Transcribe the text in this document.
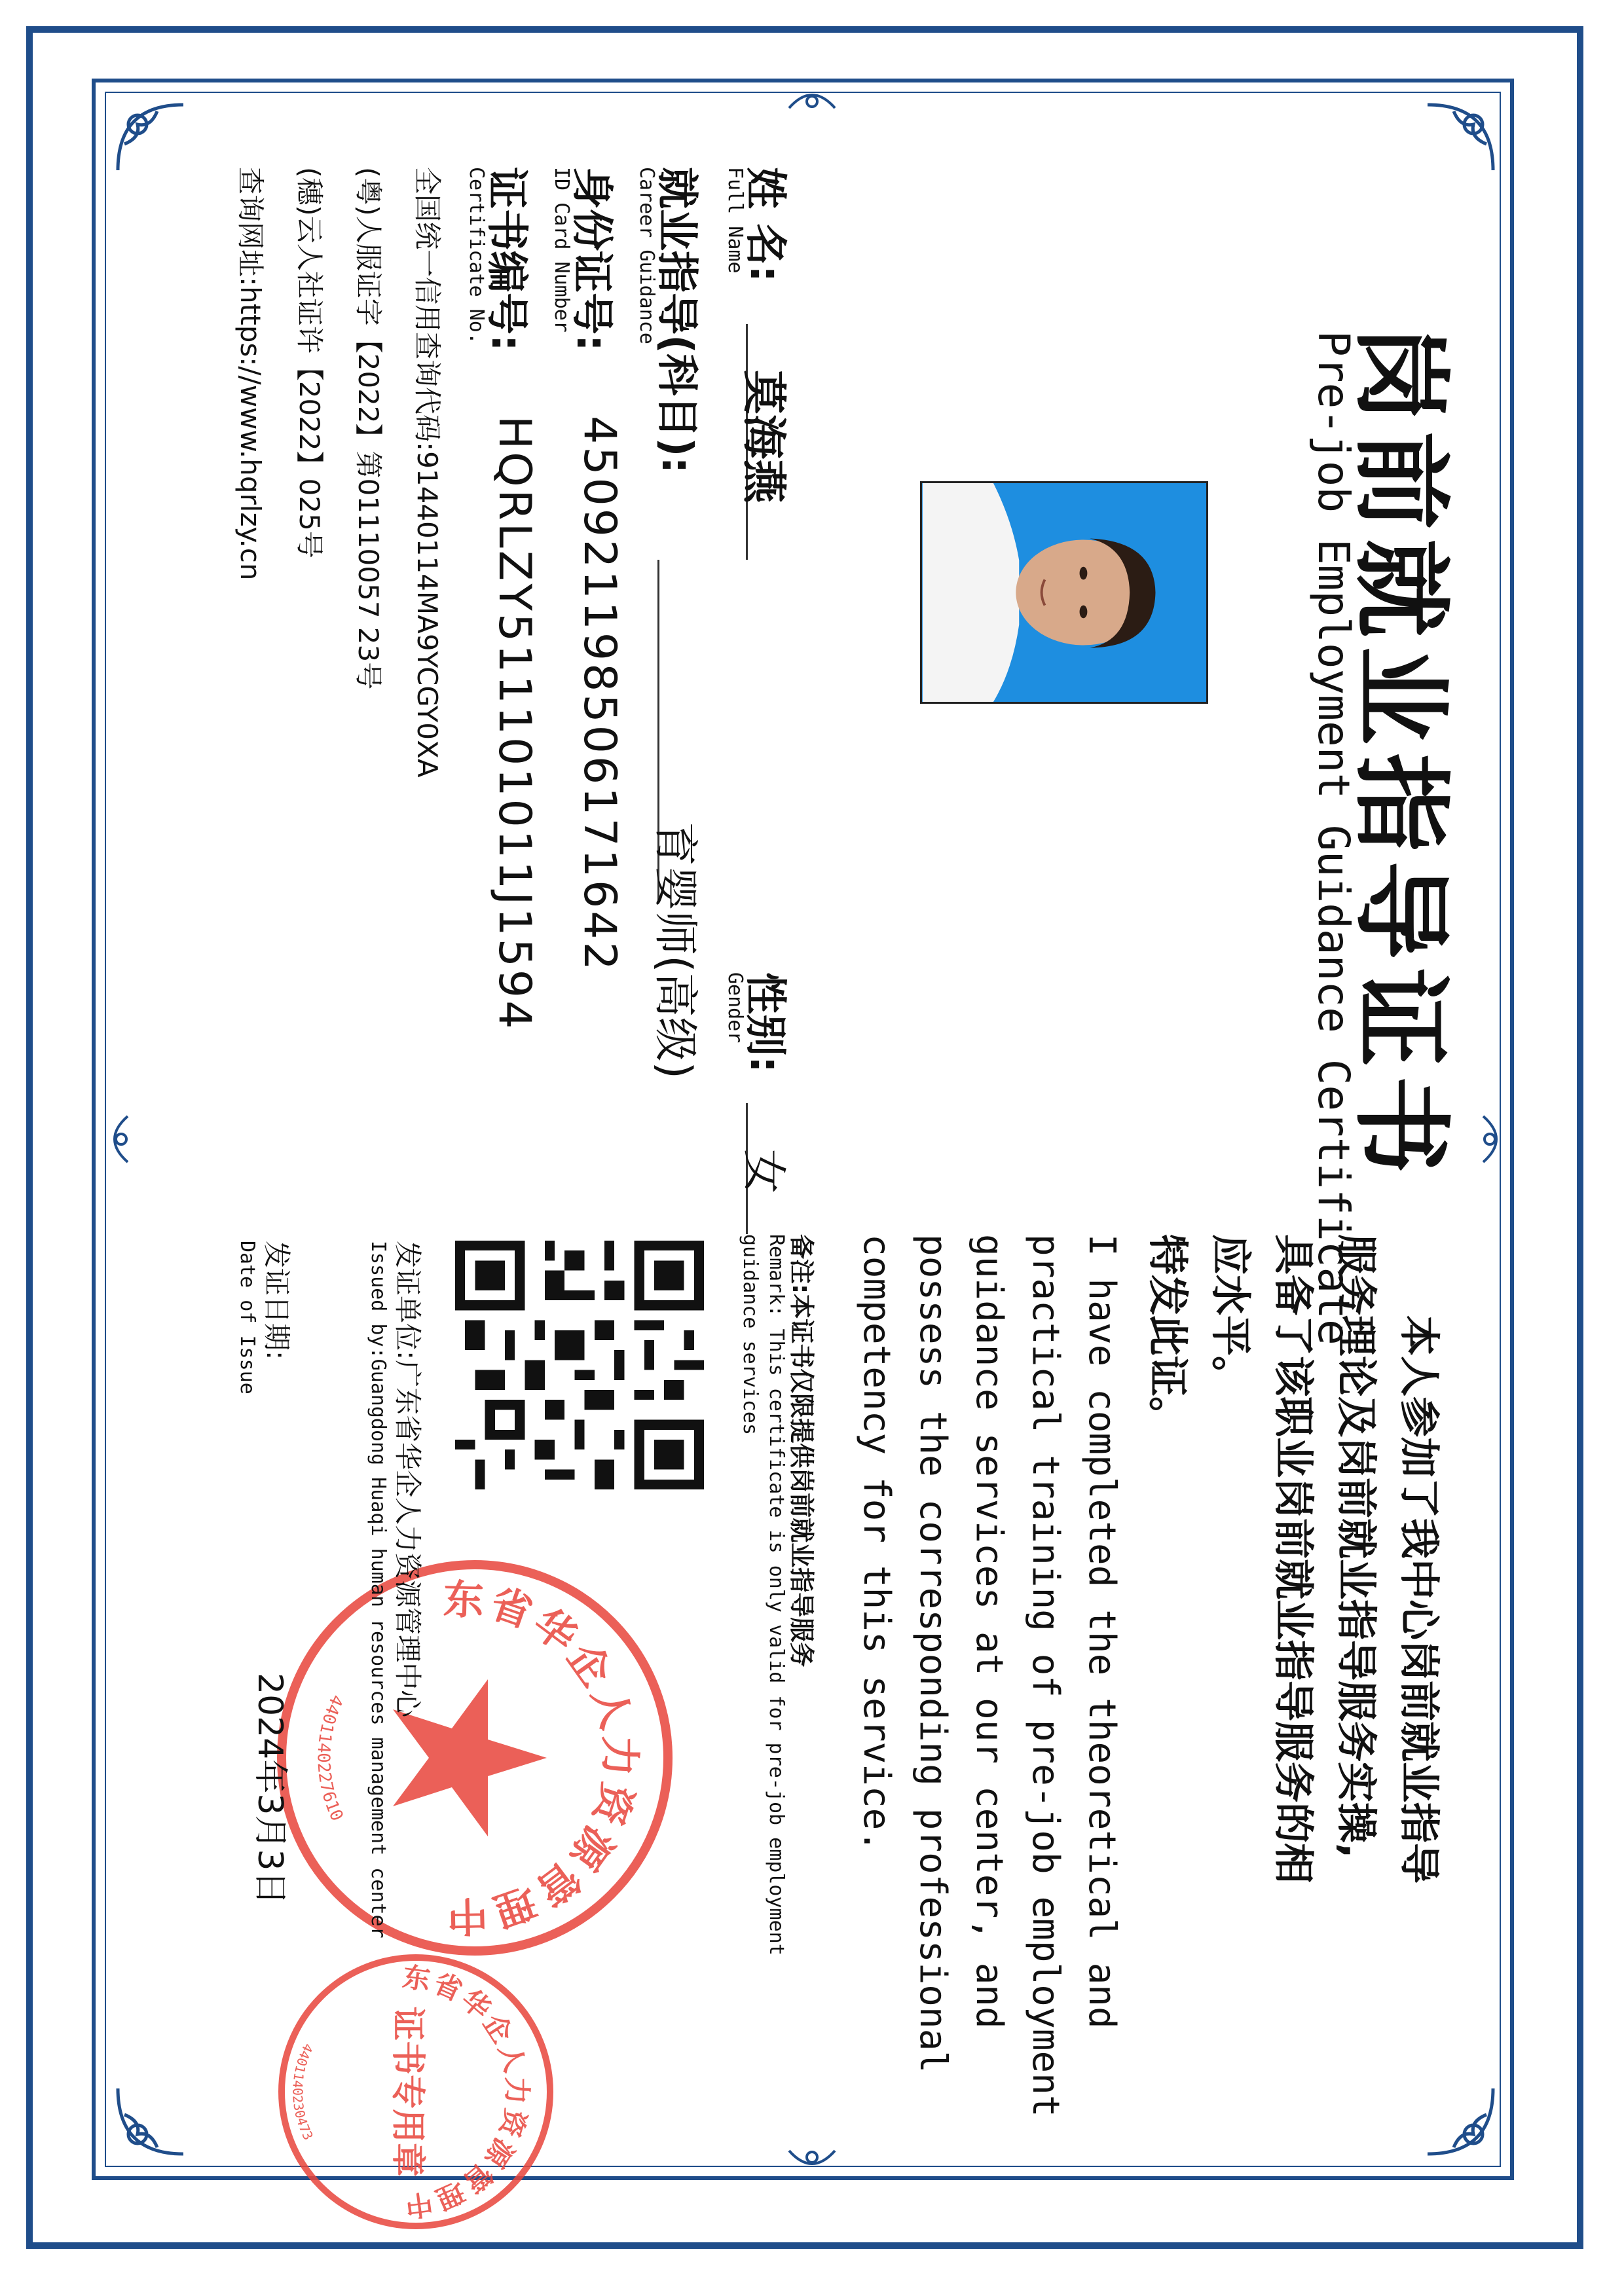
岗前就业指导证书
Pre-job Employment Guidance Certificate
姓 名:
Full Name
莫海燕
性别:
Gender
女
就业指导(科目):
Career Guidance
育婴师(高级)
身份证号:
ID Card Number
450921198506171642
证书编号:
Certificate No.
HQRLZY511101011J1594
全国统一信用查询代码:91440114MA9YCGY0XA
(粤)人服证字【2022】第01110057 23号
(穗)云人社证许【2022】025号
查询网址:https://www.hqrlzy.cn
本人参加了我中心岗前就业指导
服务理论及岗前就业指导服务实操,
具备了该职业岗前就业指导服务的相
应水平。
特发此证。
I have completed the theoretical and
practical training of pre-job employment
guidance services at our center, and
possess the corresponding professional
competency for this service.
备注:本证书仅限提供岗前就业指导服务
Remark: This certificate is only valid for pre-job employment
guidance services
东省华企人力资源管理中
4401140227610
发证单位:广东省华企人力资源管理中心
Issued by:Guangdong Huaqi human resources management center
发证日期:
Date of Issue
2024年3月3日
东省华企人力资源管理中
证书专用章
4401140230473
